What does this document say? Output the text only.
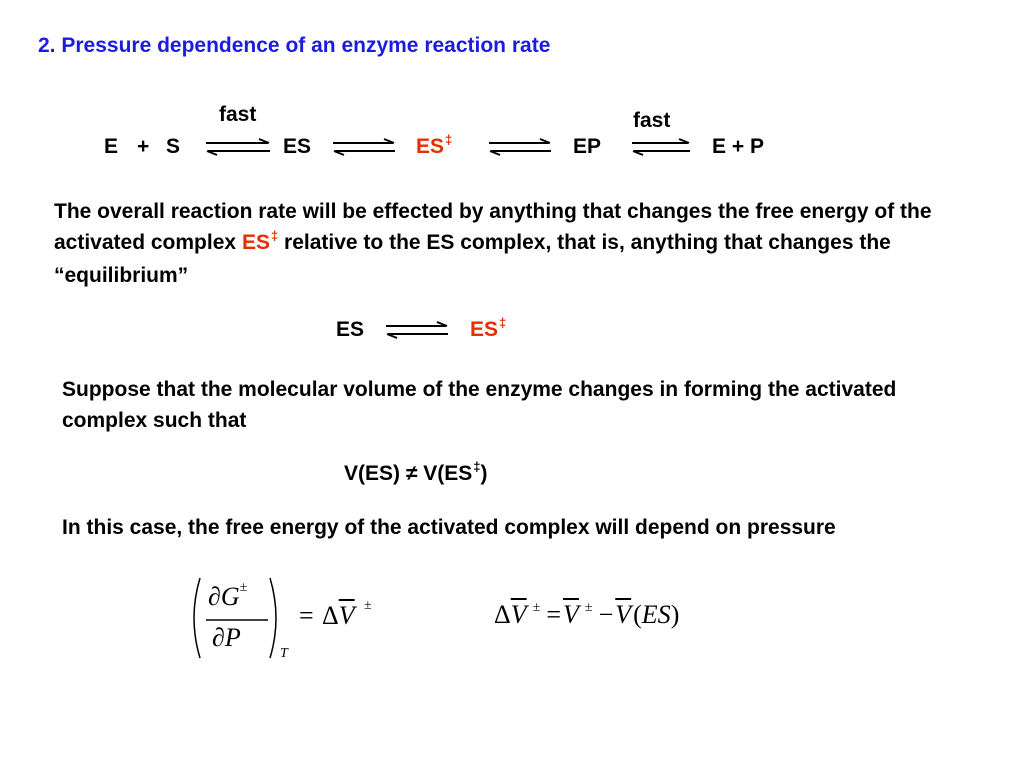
2. Pressure dependence of an enzyme reaction rate
fast	fast
E + S	ES	ES‡	EP ⇌ E + P
The overall reaction rate will be effected by anything that changes the free energy of the activated complex ES‡ relative to the ES complex, that is, anything that changes the “equilibrium”
ES	ES‡
Suppose that the molecular volume of the enzyme changes in forming the activated complex such that
V(ES) ≠ V(ES‡)
In this case, the free energy of the activated complex will depend on pressure
∂G±
∂P
T
= $\Delta\overline{V}$ ±	$\Delta\overline{V} \pm =\overline{V} \pm -\overline{V}(ES)$
